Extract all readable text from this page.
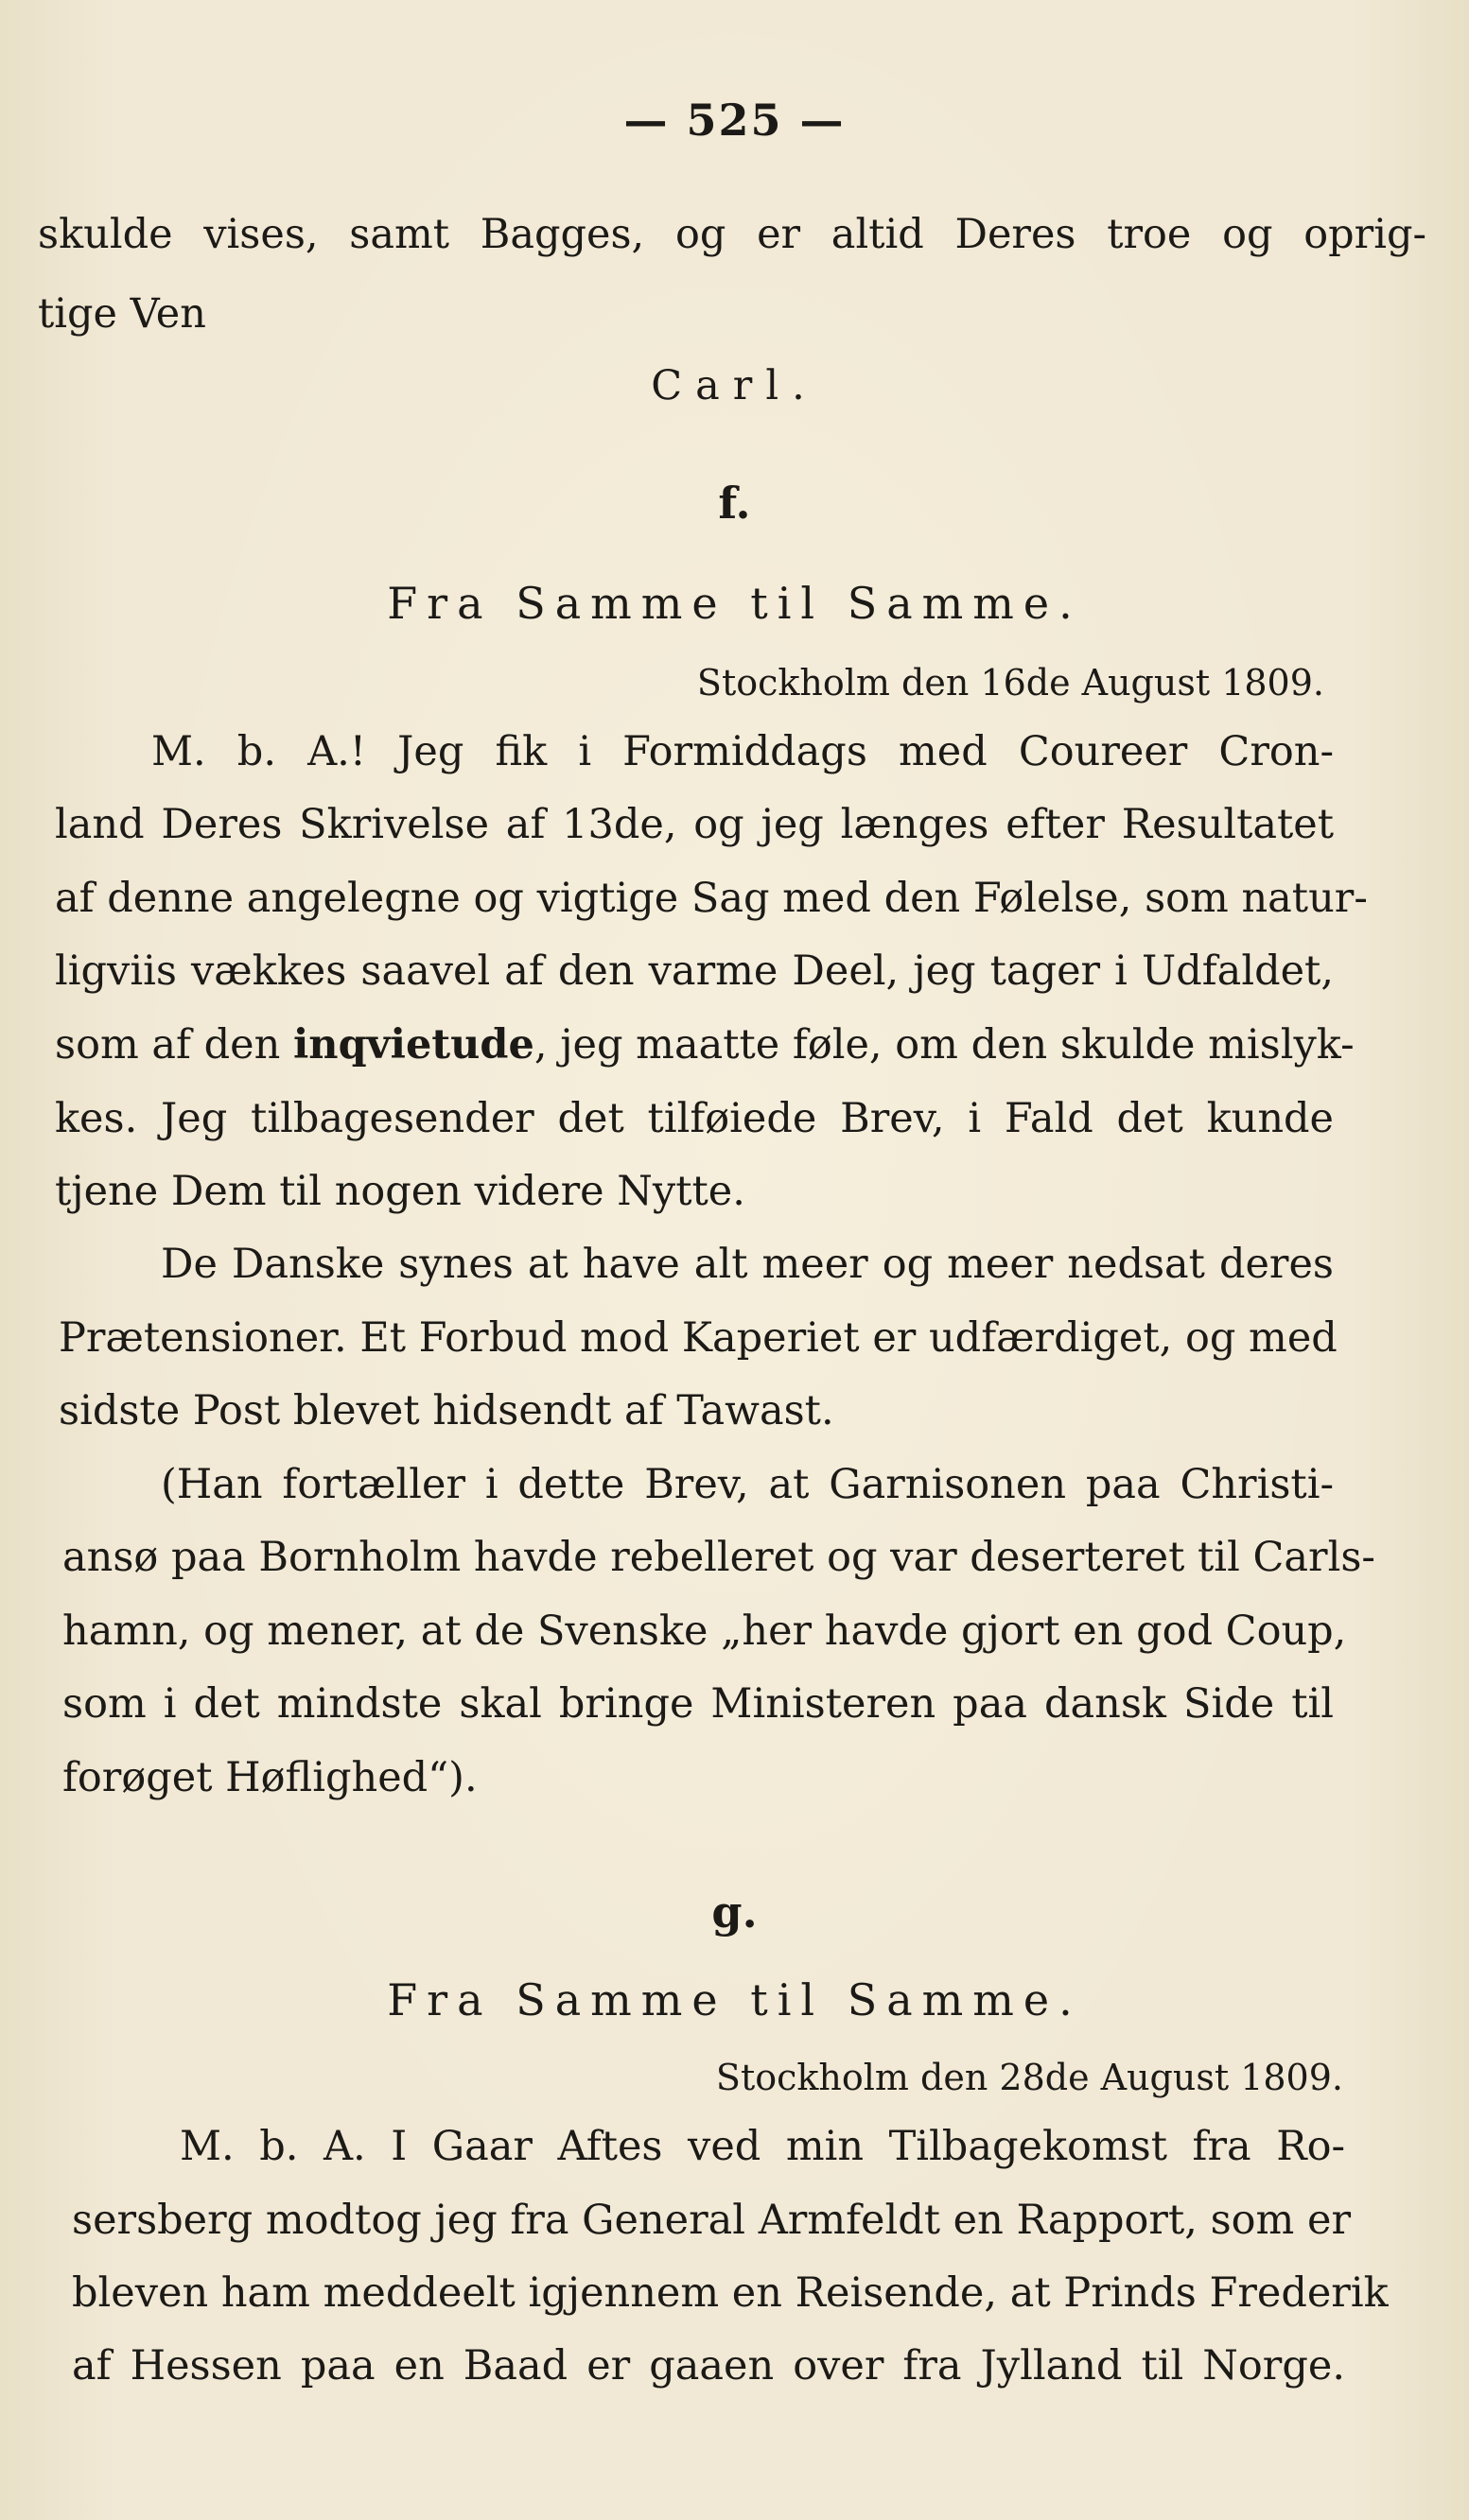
— 525 —
skulde vises, samt Bagges, og er altid Deres troe og oprig-
tige Ven
Carl.
f.
Fra Samme til Samme.
Stockholm den 16de August 1809.
M. b. A.! Jeg fik i Formiddags med Coureer Cron-
land Deres Skrivelse af 13de, og jeg længes efter Resultatet
af denne angelegne og vigtige Sag med den Følelse, som natur-
ligviis vækkes saavel af den varme Deel, jeg tager i Udfaldet,
som af den inqvietude, jeg maatte føle, om den skulde mislyk-
kes. Jeg tilbagesender det tilføiede Brev, i Fald det kunde
tjene Dem til nogen videre Nytte.
De Danske synes at have alt meer og meer nedsat deres
Prætensioner. Et Forbud mod Kaperiet er udfærdiget, og med
sidste Post blevet hidsendt af Tawast.
(Han fortæller i dette Brev, at Garnisonen paa Christi-
ansø paa Bornholm havde rebelleret og var deserteret til Carls-
hamn, og mener, at de Svenske „her havde gjort en god Coup,
som i det mindste skal bringe Ministeren paa dansk Side til
forøget Høflighed“).
g.
Fra Samme til Samme.
Stockholm den 28de August 1809.
M. b. A. I Gaar Aftes ved min Tilbagekomst fra Ro-
sersberg modtog jeg fra General Armfeldt en Rapport, som er
bleven ham meddeelt igjennem en Reisende, at Prinds Frederik
af Hessen paa en Baad er gaaen over fra Jylland til Norge.
